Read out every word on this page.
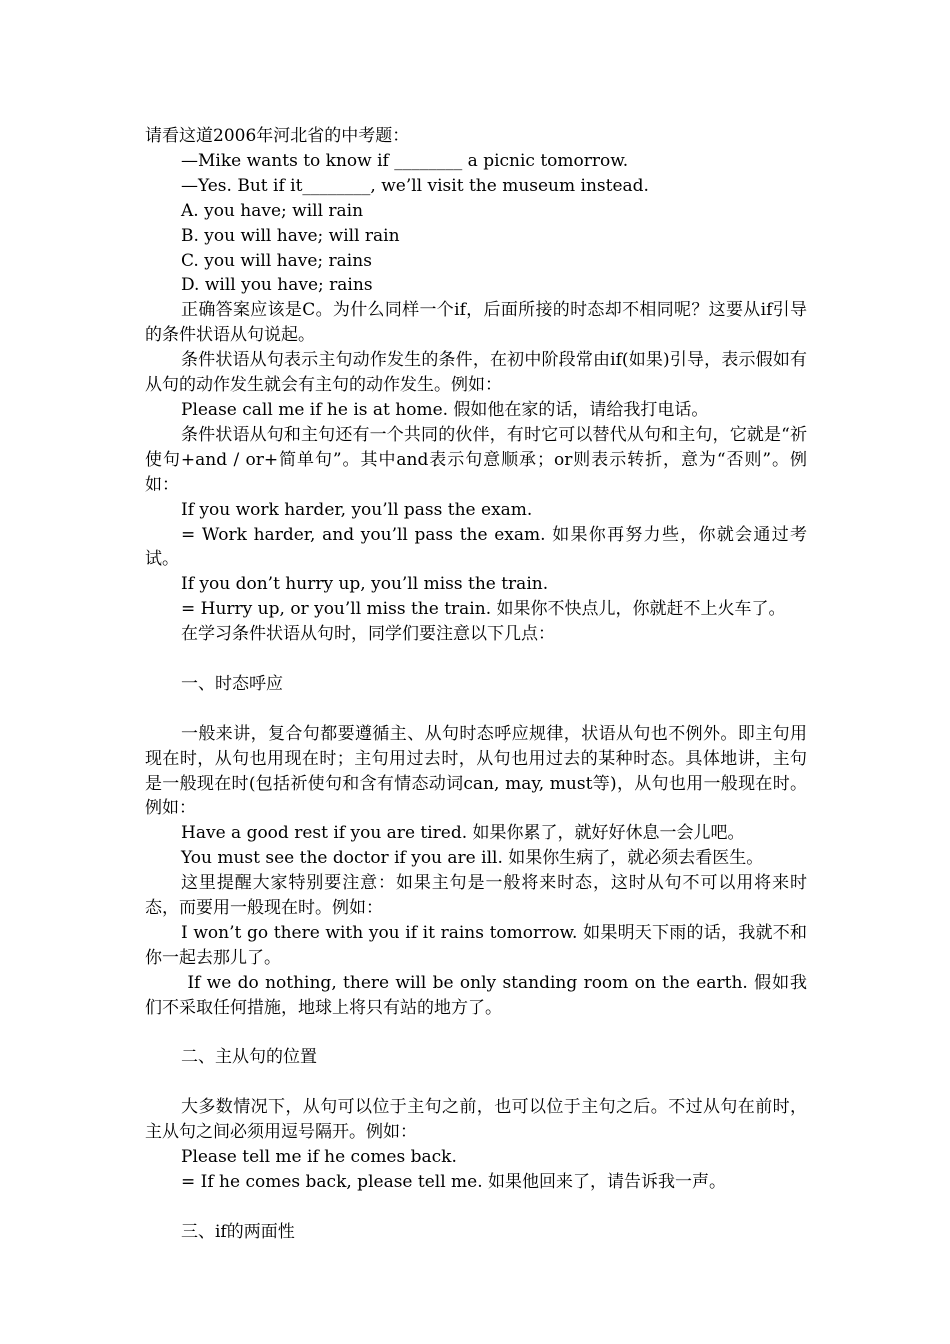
请看这道2006年河北省的中考题：

—Mike wants to know if ________ a picnic tomorrow.

—Yes. But if it________, we’ll visit the museum instead.

A. you have; will rain

B. you will have; will rain

C. you will have; rains

D. will you have; rains

正确答案应该是C。为什么同样一个if，后面所接的时态却不相同呢？这要从if引导的条件状语从句说起。

条件状语从句表示主句动作发生的条件，在初中阶段常由if(如果)引导，表示假如有从句的动作发生就会有主句的动作发生。例如：

Please call me if he is at home. 假如他在家的话，请给我打电话。

条件状语从句和主句还有一个共同的伙伴，有时它可以替代从句和主句，它就是“祈使句+and / or+简单句”。其中and表示句意顺承；or则表示转折，意为“否则”。例如：

If you work harder, you’ll pass the exam.

= Work harder, and you’ll pass the exam. 如果你再努力些，你就会通过考试。

If you don’t hurry up, you’ll miss the train.

= Hurry up, or you’ll miss the train. 如果你不快点儿，你就赶不上火车了。

在学习条件状语从句时，同学们要注意以下几点：

一、时态呼应

一般来讲，复合句都要遵循主、从句时态呼应规律，状语从句也不例外。即主句用现在时，从句也用现在时；主句用过去时，从句也用过去的某种时态。具体地讲，主句是一般现在时(包括祈使句和含有情态动词can, may, must等)，从句也用一般现在时。例如：

Have a good rest if you are tired. 如果你累了，就好好休息一会儿吧。

You must see the doctor if you are ill. 如果你生病了，就必须去看医生。

这里提醒大家特别要注意：如果主句是一般将来时态，这时从句不可以用将来时态，而要用一般现在时。例如：

I won’t go there with you if it rains tomorrow. 如果明天下雨的话，我就不和你一起去那儿了。

If we do nothing, there will be only standing room on the earth. 假如我们不采取任何措施，地球上将只有站的地方了。

二、主从句的位置

大多数情况下，从句可以位于主句之前，也可以位于主句之后。不过从句在前时，主从句之间必须用逗号隔开。例如：

Please tell me if he comes back.

= If he comes back, please tell me. 如果他回来了，请告诉我一声。

三、if的两面性
